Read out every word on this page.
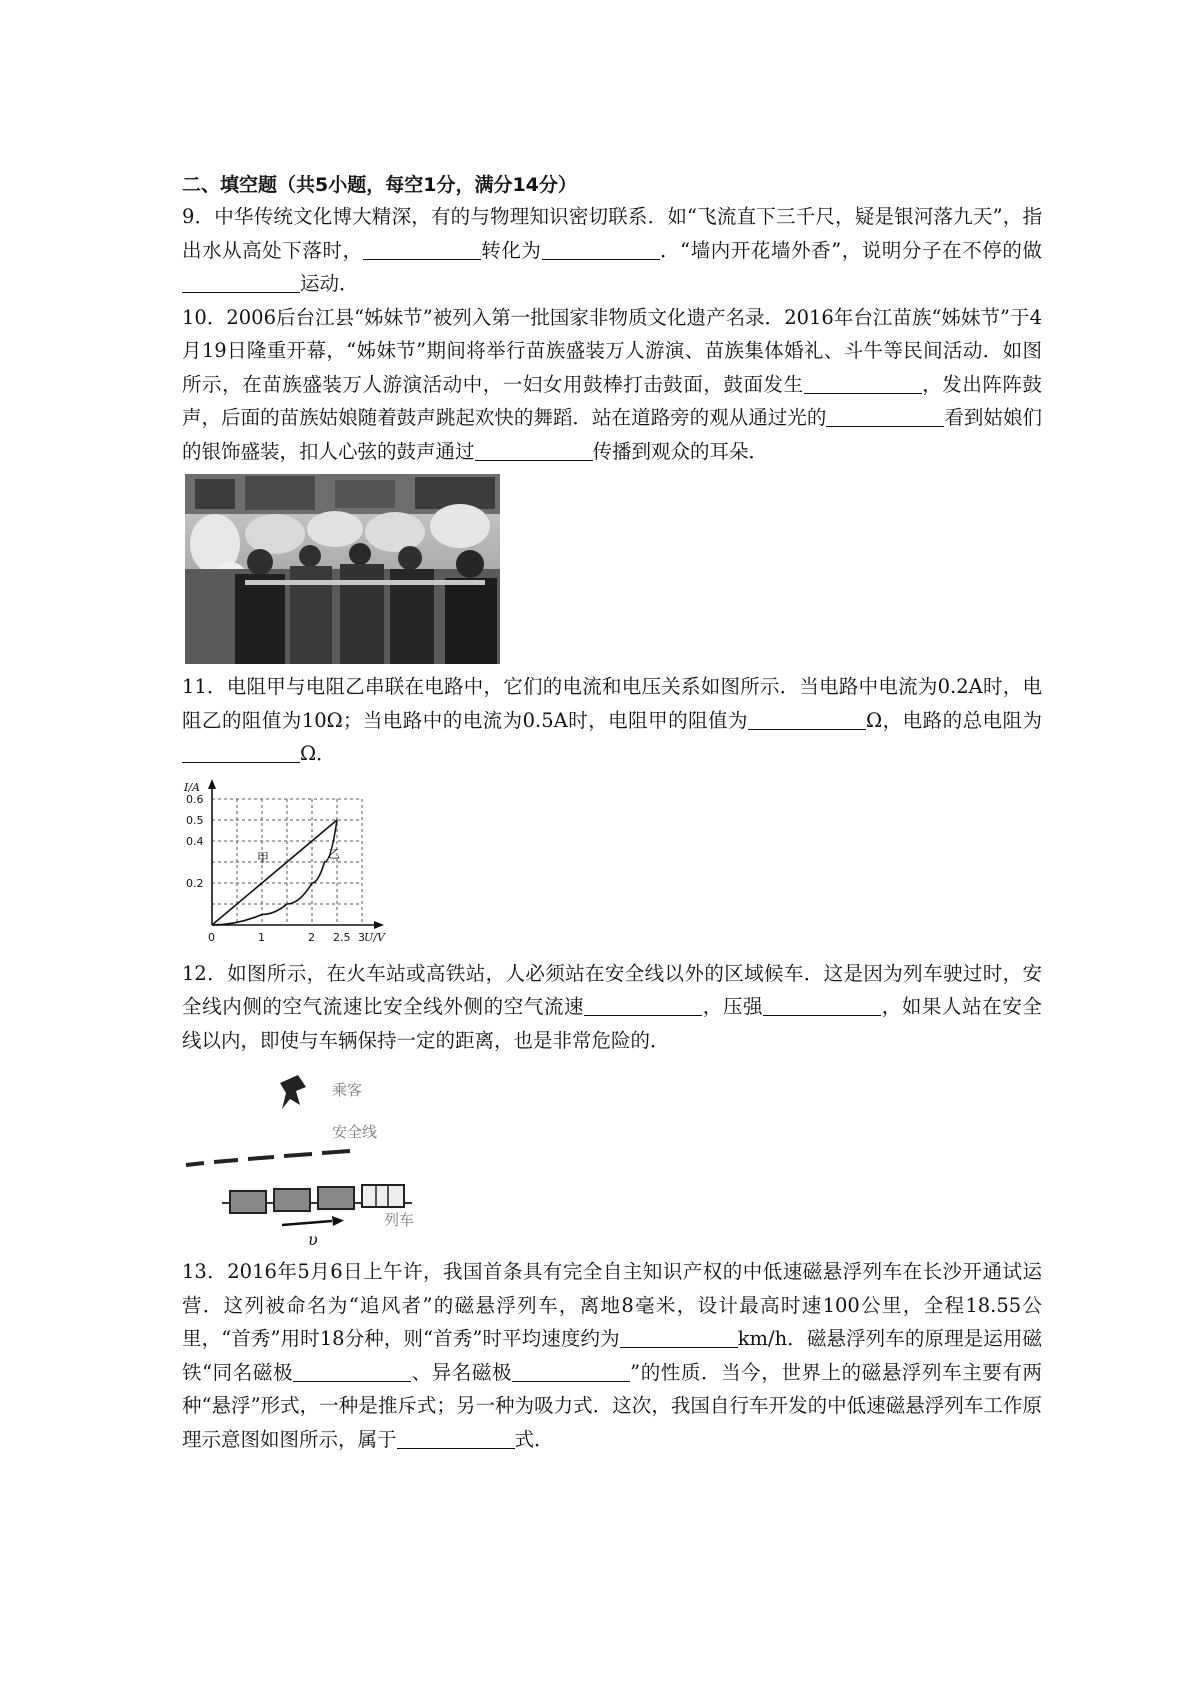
二、填空题（共5小题，每空1分，满分14分）

9．中华传统文化博大精深，有的与物理知识密切联系．如“飞流直下三千尺，疑是银河落九天”，指出水从高处下落时，	转化为	．“墙内开花墙外香”，说明分子在不停的做运动．

10．2006后台江县“姊妹节”被列入第一批国家非物质文化遗产名录．2016年台江苗族“姊妹节”于4月19日隆重开幕，“姊妹节”期间将举行苗族盛装万人游演、苗族集体婚礼、斗牛等民间活动．如图所示，在苗族盛装万人游演活动中，一妇女用鼓棒打击鼓面，鼓面发生	，发出阵阵鼓声，后面的苗族姑娘随着鼓声跳起欢快的舞蹈．站在道路旁的观从通过光的	看到姑娘们的银饰盛装，扣人心弦的鼓声通过	传播到观众的耳朵．

11．电阻甲与电阻乙串联在电路中，它们的电流和电压关系如图所示．当电路中电流为0.2A时，电阻乙的阻值为10Ω；当电路中的电流为0.5A时，电阻甲的阻值为	Ω，电路的总电阻为Ω．

0	1	2 2.5 3
0.2
0.4
0.5
0.6
U/V
I/A
甲	乙

12．如图所示，在火车站或高铁站，人必须站在安全线以外的区域候车．这是因为列车驶过时，安全线内侧的空气流速比安全线外侧的空气流速	，压强	，如果人站在安全线以内，即使与车辆保持一定的距离，也是非常危险的．

乘客
安全线
列车
υ

13．2016年5月6日上午许，我国首条具有完全自主知识产权的中低速磁悬浮列车在长沙开通试运营．这列被命名为“追风者”的磁悬浮列车，离地8毫米，设计最高时速100公里，全程18.55公里，“首秀”用时18分种，则“首秀”时平均速度约为	km/h．磁悬浮列车的原理是运用磁铁“同名磁极	、异名磁极	”的性质．当今，世界上的磁悬浮列车主要有两种“悬浮”形式，一种是推斥式；另一种为吸力式．这次，我国自行车开发的中低速磁悬浮列车工作原理示意图如图所示，属于	式．
